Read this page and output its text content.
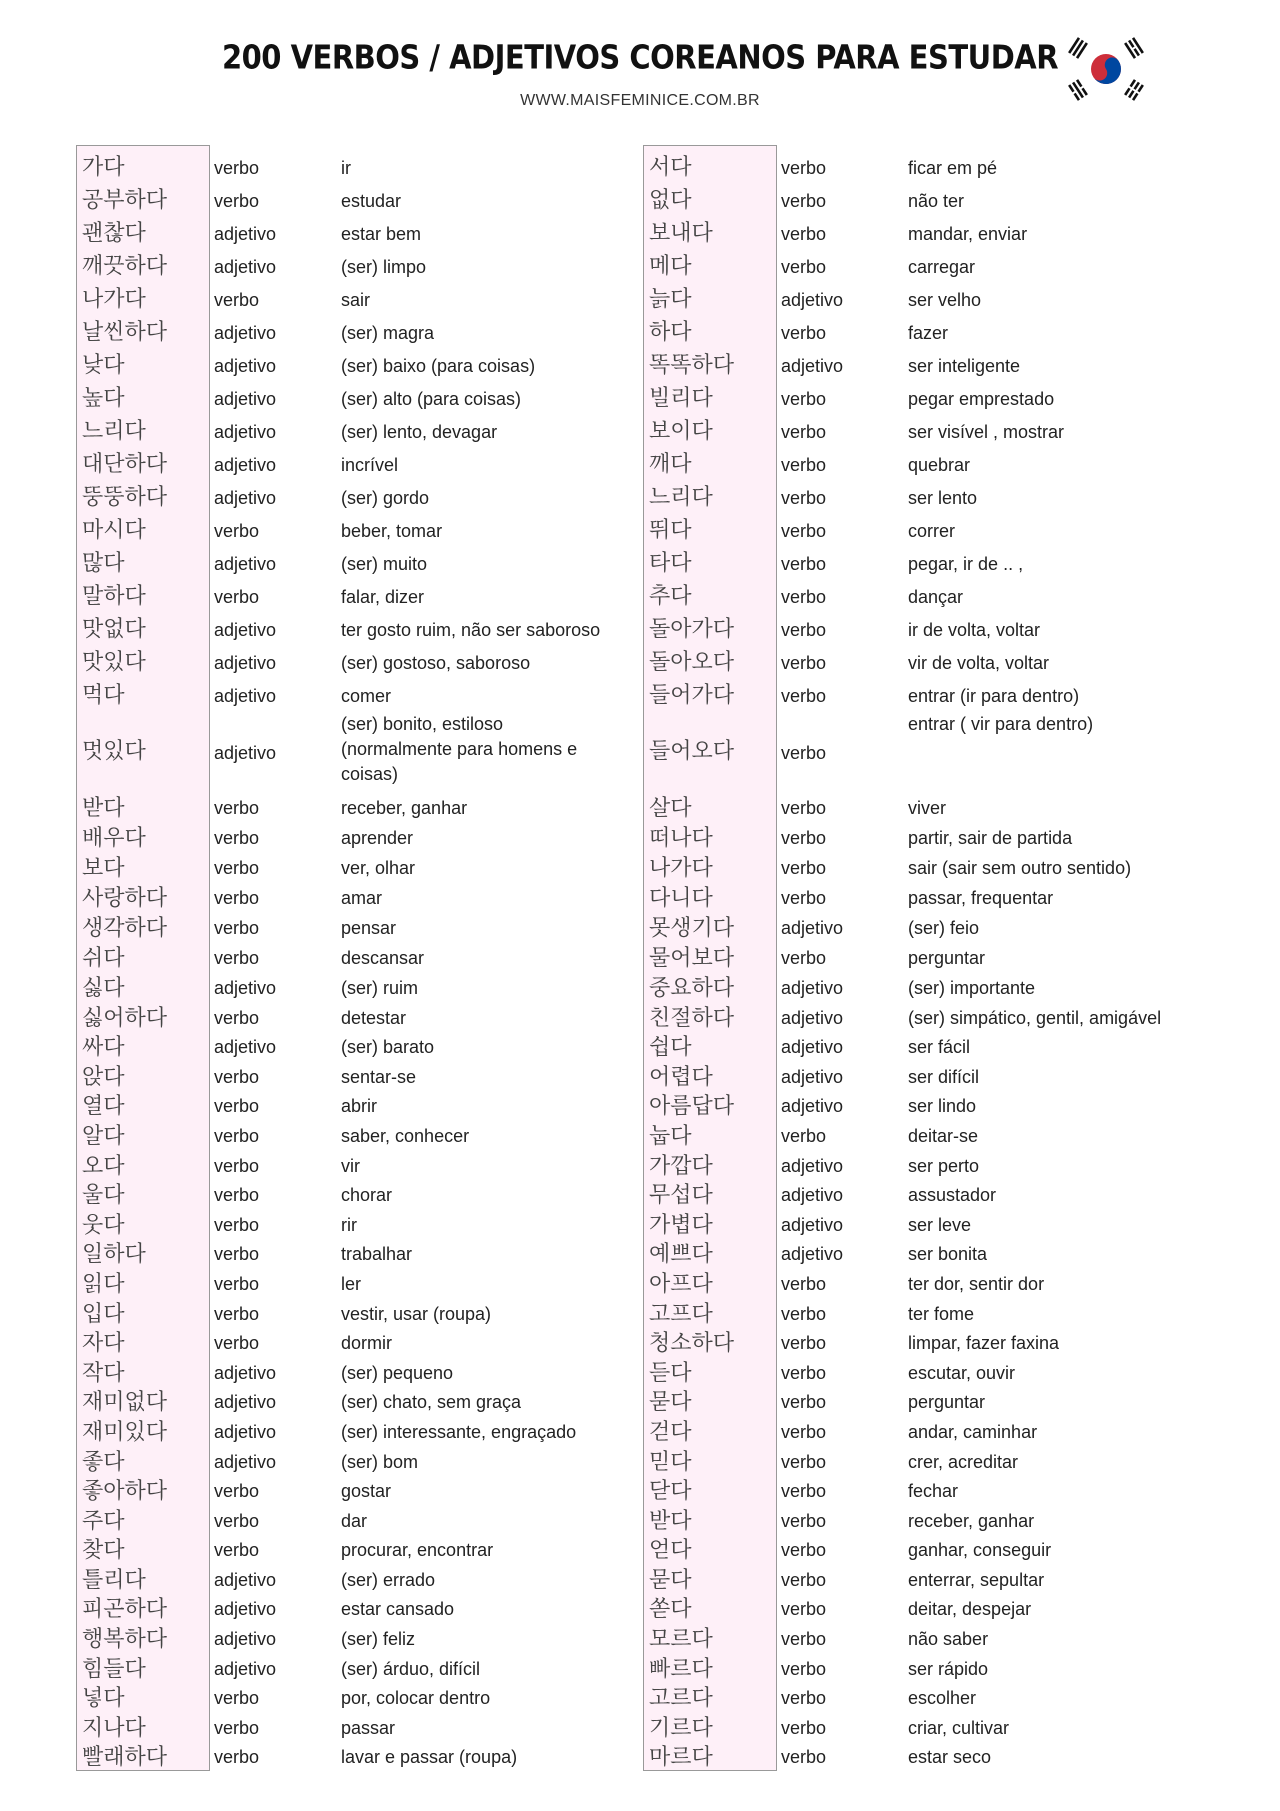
200 VERBOS / ADJETIVOS COREANOS PARA ESTUDAR
WWW.MAISFEMINICE.COM.BR
가다	verbo	ir
공부하다	verbo	estudar
괜찮다	adjetivo	estar bem
깨끗하다	adjetivo	(ser) limpo
나가다	verbo	sair
날씬하다	adjetivo	(ser) magra
낮다	adjetivo	(ser) baixo (para coisas)
높다	adjetivo	(ser) alto (para coisas)
느리다	adjetivo	(ser) lento, devagar
대단하다	adjetivo	incrível
뚱뚱하다	adjetivo	(ser) gordo
마시다	verbo	beber, tomar
많다	adjetivo	(ser) muito
말하다	verbo	falar, dizer
맛없다	adjetivo	ter gosto ruim, não ser saboroso
맛있다	adjetivo	(ser) gostoso, saboroso
먹다	adjetivo	comer
멋있다	adjetivo
(ser) bonito, estiloso
(normalmente para homens e
coisas)
받다	verbo	receber, ganhar
배우다	verbo	aprender
보다	verbo	ver, olhar
사랑하다	verbo	amar
생각하다	verbo	pensar
쉬다	verbo	descansar
싫다	adjetivo	(ser) ruim
싫어하다	verbo	detestar
싸다	adjetivo	(ser) barato
앉다	verbo	sentar-se
열다	verbo	abrir
알다	verbo	saber, conhecer
오다	verbo	vir
울다	verbo	chorar
웃다	verbo	rir
일하다	verbo	trabalhar
읽다	verbo	ler
입다	verbo	vestir, usar (roupa)
자다	verbo	dormir
작다	adjetivo	(ser) pequeno
재미없다	adjetivo	(ser) chato, sem graça
재미있다	adjetivo	(ser) interessante, engraçado
좋다	adjetivo	(ser) bom
좋아하다	verbo	gostar
주다	verbo	dar
찾다	verbo	procurar, encontrar
틀리다	adjetivo	(ser) errado
피곤하다	adjetivo	estar cansado
행복하다	adjetivo	(ser) feliz
힘들다	adjetivo	(ser) árduo, difícil
넣다	verbo	por, colocar dentro
지나다	verbo	passar
빨래하다	verbo	lavar e passar (roupa)
서다	verbo	ficar em pé
없다	verbo	não ter
보내다	verbo	mandar, enviar
메다	verbo	carregar
늙다	adjetivo	ser velho
하다	verbo	fazer
똑똑하다	adjetivo	ser inteligente
빌리다	verbo	pegar emprestado
보이다	verbo	ser visível , mostrar
깨다	verbo	quebrar
느리다	verbo	ser lento
뛰다	verbo	correr
타다	verbo	pegar, ir de .. ,
추다	verbo	dançar
돌아가다	verbo	ir de volta, voltar
돌아오다	verbo	vir de volta, voltar
들어가다	verbo	entrar (ir para dentro)
들어오다	verbo
entrar ( vir para dentro)
살다	verbo	viver
떠나다	verbo	partir, sair de partida
나가다	verbo	sair (sair sem outro sentido)
다니다	verbo	passar, frequentar
못생기다	adjetivo	(ser) feio
물어보다	verbo	perguntar
중요하다	adjetivo	(ser) importante
친절하다	adjetivo	(ser) simpático, gentil, amigável
쉽다	adjetivo	ser fácil
어렵다	adjetivo	ser difícil
아름답다	adjetivo	ser lindo
눕다	verbo	deitar-se
가깝다	adjetivo	ser perto
무섭다	adjetivo	assustador
가볍다	adjetivo	ser leve
예쁘다	adjetivo	ser bonita
아프다	verbo	ter dor, sentir dor
고프다	verbo	ter fome
청소하다	verbo	limpar, fazer faxina
듣다	verbo	escutar, ouvir
묻다	verbo	perguntar
걷다	verbo	andar, caminhar
믿다	verbo	crer, acreditar
닫다	verbo	fechar
받다	verbo	receber, ganhar
얻다	verbo	ganhar, conseguir
묻다	verbo	enterrar, sepultar
쏟다	verbo	deitar, despejar
모르다	verbo	não saber
빠르다	verbo	ser rápido
고르다	verbo	escolher
기르다	verbo	criar, cultivar
마르다	verbo	estar seco
